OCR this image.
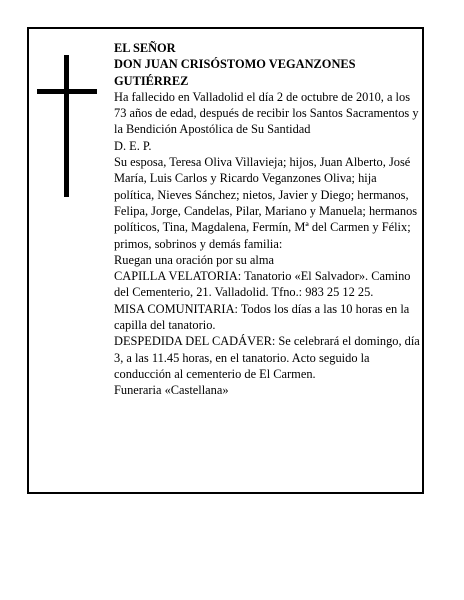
EL SEÑOR

DON JUAN CRISÓSTOMO VEGANZONES GUTIÉRREZ

Ha fallecido en Valladolid el día 2 de octubre de 2010, a los 73 años de edad, después de recibir los Santos Sacramentos y la Bendición Apostólica de Su Santidad

D. E. P.

Su esposa, Teresa Oliva Villavieja; hijos, Juan Alberto, José María, Luis Carlos y Ricardo Veganzones Oliva; hija política, Nieves Sánchez; nietos, Javier y Diego; hermanos, Felipa, Jorge, Candelas, Pilar, Mariano y Manuela; hermanos políticos, Tina, Magdalena, Fermín, Mª del Carmen y Félix; primos, sobrinos y demás familia:

Ruegan una oración por su alma

CAPILLA VELATORIA: Tanatorio «El Salvador». Camino del Cementerio, 21. Valladolid. Tfno.: 983 25 12 25.

MISA COMUNITARIA: Todos los días a las 10 horas en la capilla del tanatorio.

DESPEDIDA DEL CADÁVER: Se celebrará el domingo, día 3, a las 11.45 horas, en el tanatorio. Acto seguido la conducción al cementerio de El Carmen.

Funeraria «Castellana»
